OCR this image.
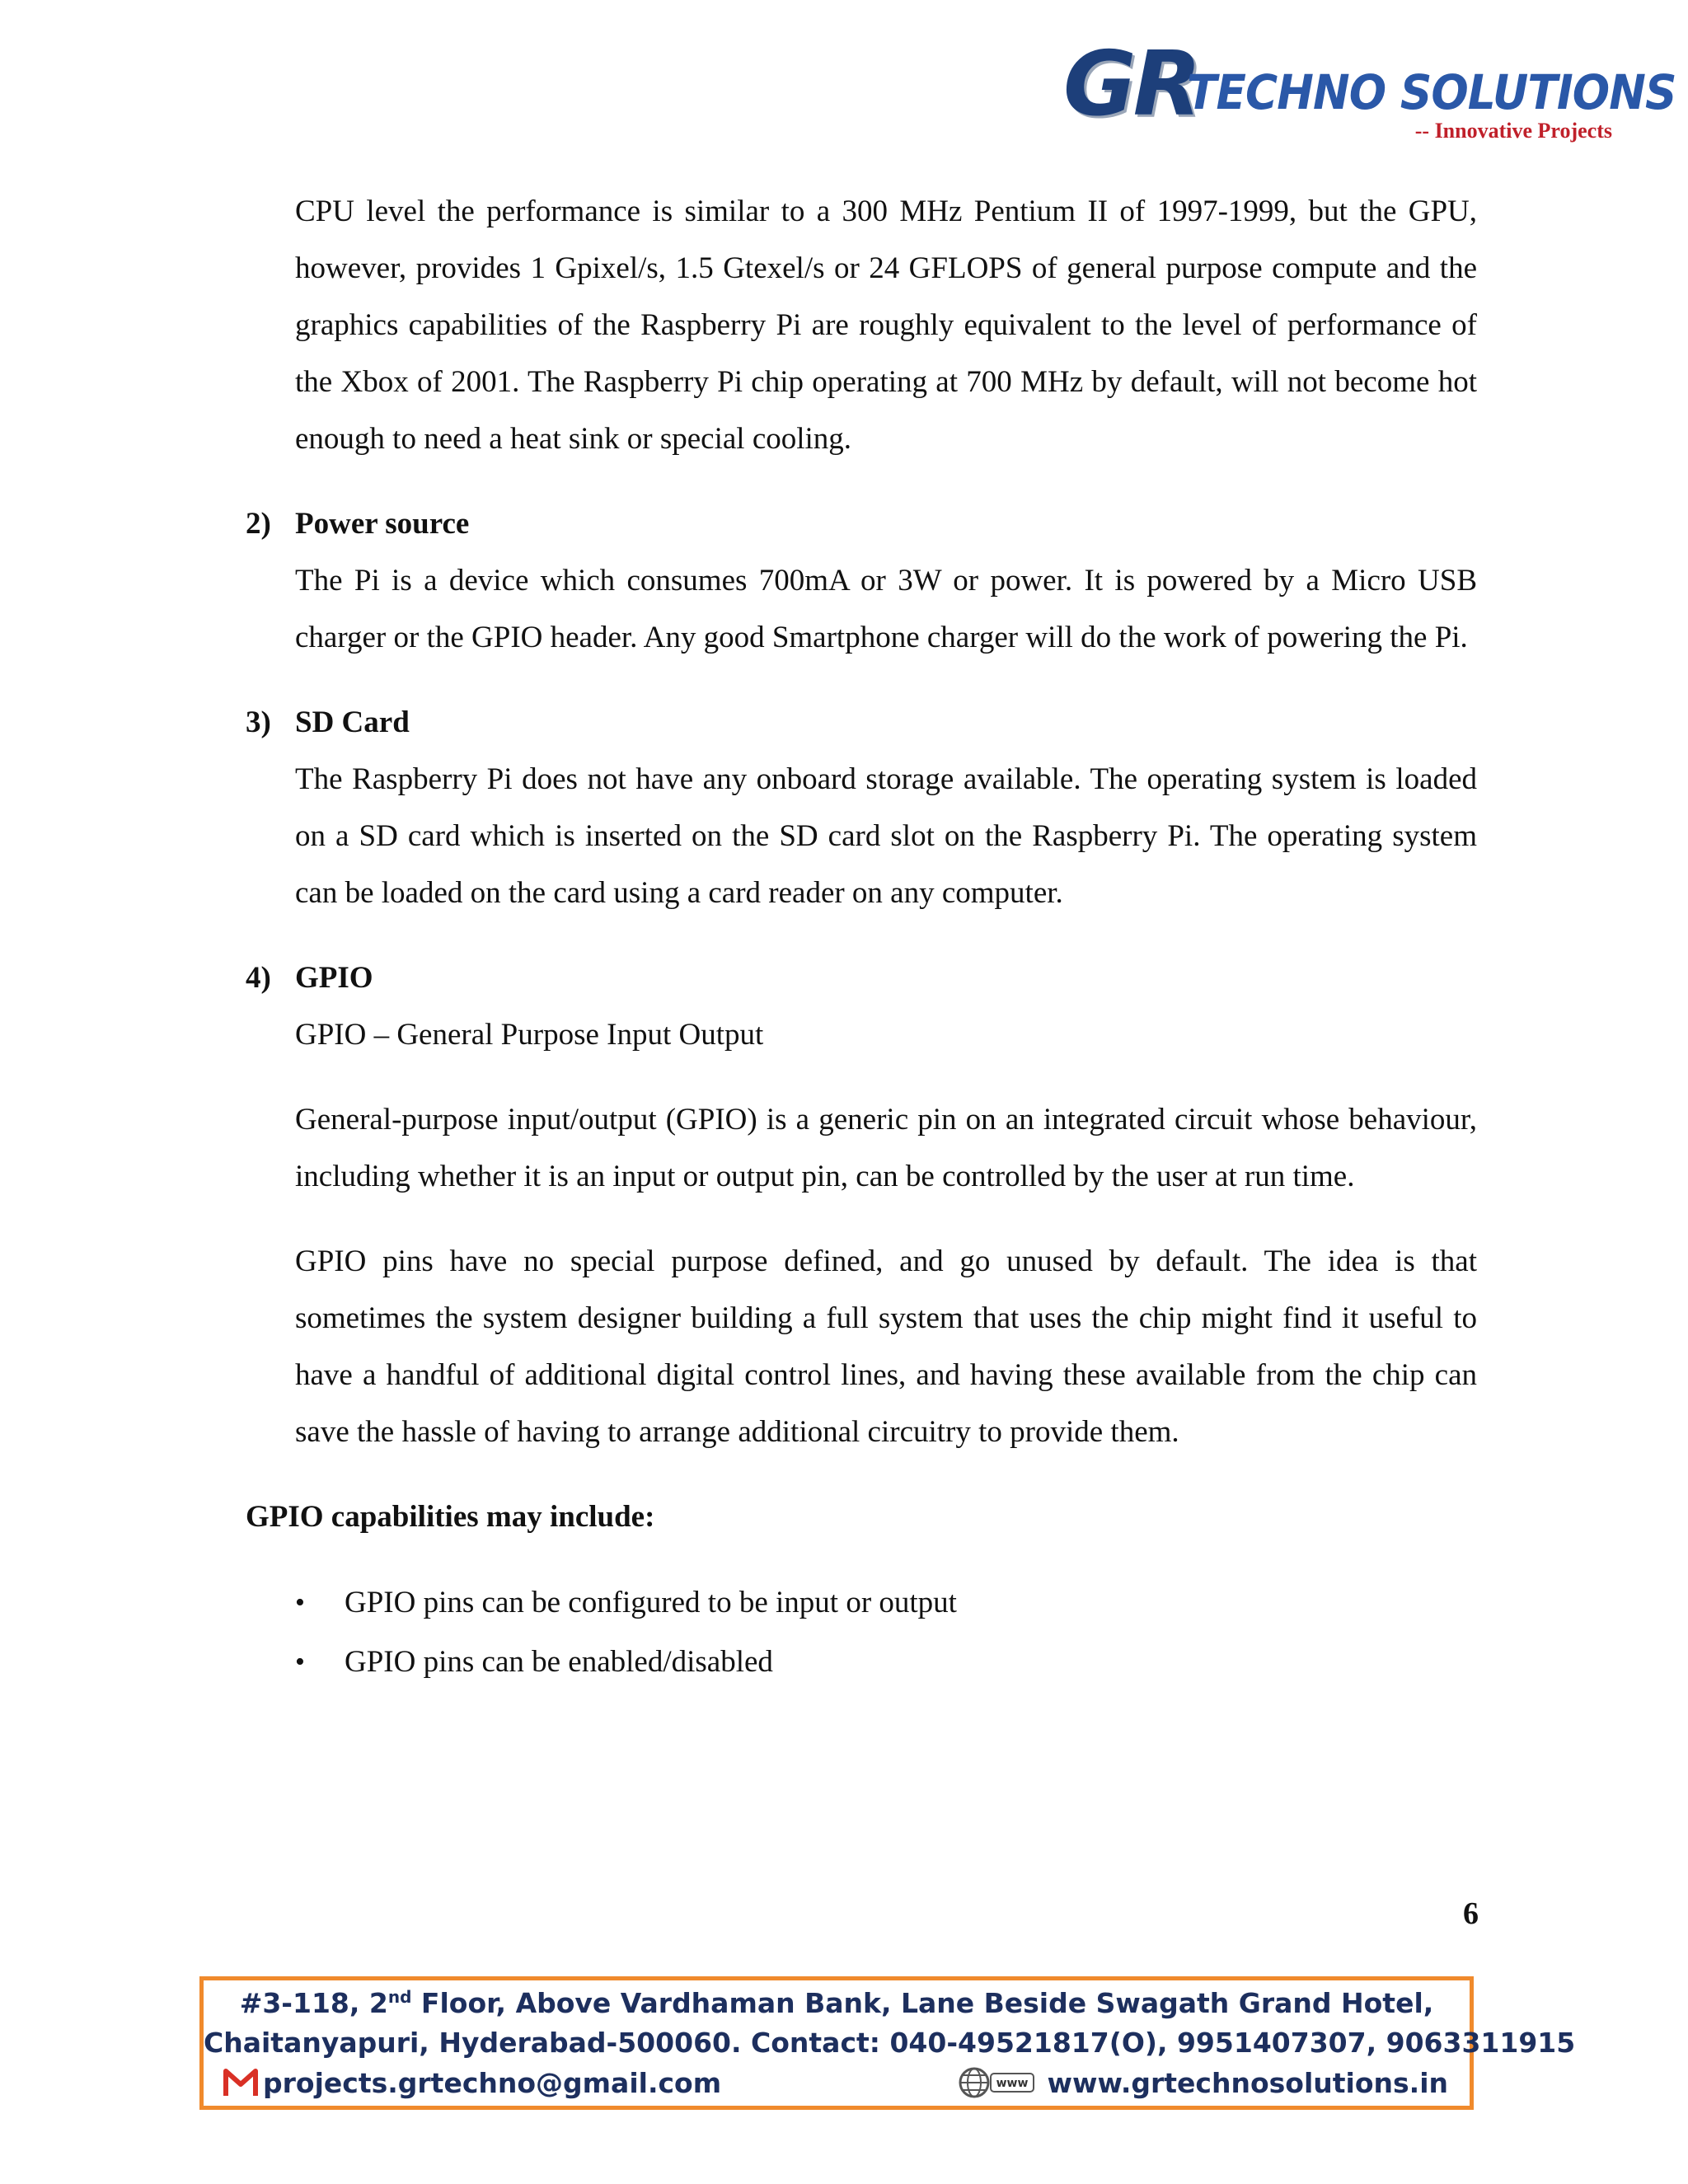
GR
TECHNO SOLUTIONS
-- Innovative Projects
CPU level the performance is similar to a 300 MHz Pentium II of 1997-1999, but the GPU, however, provides 1 Gpixel/s, 1.5 Gtexel/s or 24 GFLOPS of general purpose compute and the graphics capabilities of the Raspberry Pi are roughly equivalent to the level of performance of the Xbox of 2001. The Raspberry Pi chip operating at 700 MHz by default, will not become hot enough to need a heat sink or special cooling.
2) Power source
The Pi is a device which consumes 700mA or 3W or power. It is powered by a Micro USB charger or the GPIO header. Any good Smartphone charger will do the work of powering the Pi.
3) SD Card
The Raspberry Pi does not have any onboard storage available. The operating system is loaded on a SD card which is inserted on the SD card slot on the Raspberry Pi. The operating system can be loaded on the card using a card reader on any computer.
4) GPIO
GPIO – General Purpose Input Output
General-purpose input/output (GPIO) is a generic pin on an integrated circuit whose behaviour, including whether it is an input or output pin, can be controlled by the user at run time.
GPIO pins have no special purpose defined, and go unused by default. The idea is that sometimes the system designer building a full system that uses the chip might find it useful to have a handful of additional digital control lines, and having these available from the chip can save the hassle of having to arrange additional circuitry to provide them.
GPIO capabilities may include:
•	GPIO pins can be configured to be input or output
•	GPIO pins can be enabled/disabled
6
#3-118, 2nd Floor, Above Vardhaman Bank, Lane Beside Swagath Grand Hotel,
Chaitanyapuri, Hyderabad-500060. Contact: 040-49521817(O), 9951407307, 9063311915
projects.grtechno@gmail.com	www www.grtechnosolutions.in
